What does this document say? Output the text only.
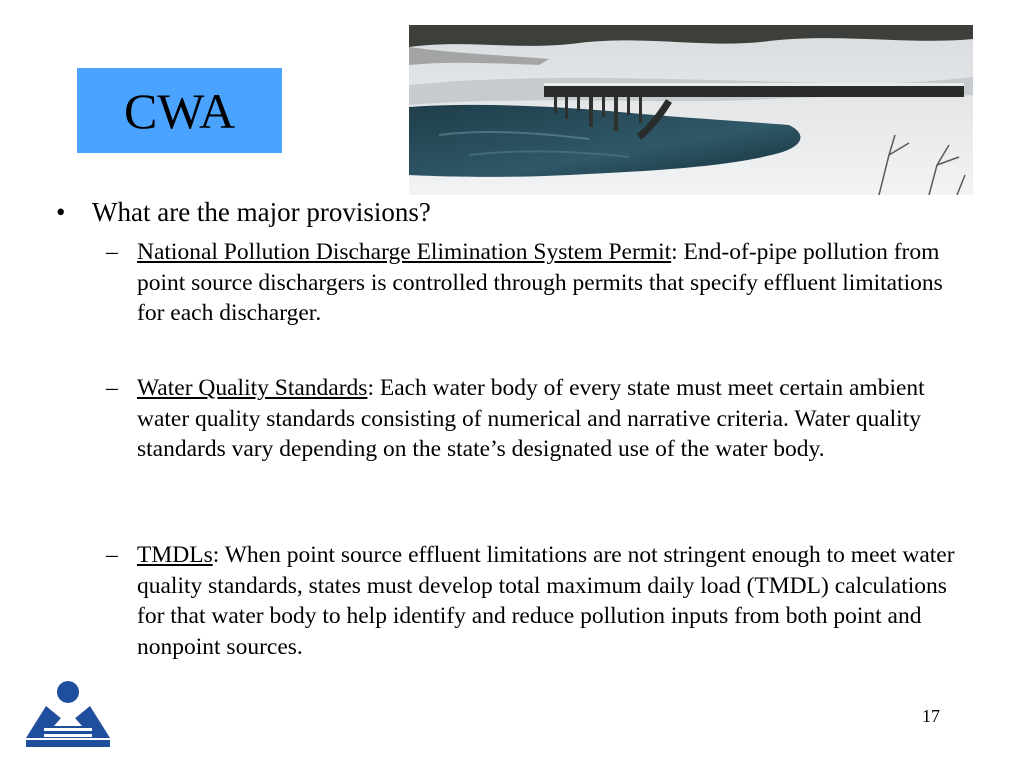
CWA
• What are the major provisions?
– National Pollution Discharge Elimination System Permit: End-of-pipe pollution from point source dischargers is controlled through permits that specify effluent limitations for each discharger.
– Water Quality Standards: Each water body of every state must meet certain ambient water quality standards consisting of numerical and narrative criteria. Water quality standards vary depending on the state’s designated use of the water body.
– TMDLs: When point source effluent limitations are not stringent enough to meet water quality standards, states must develop total maximum daily load (TMDL) calculations for that water body to help identify and reduce pollution inputs from both point and nonpoint sources.
17
